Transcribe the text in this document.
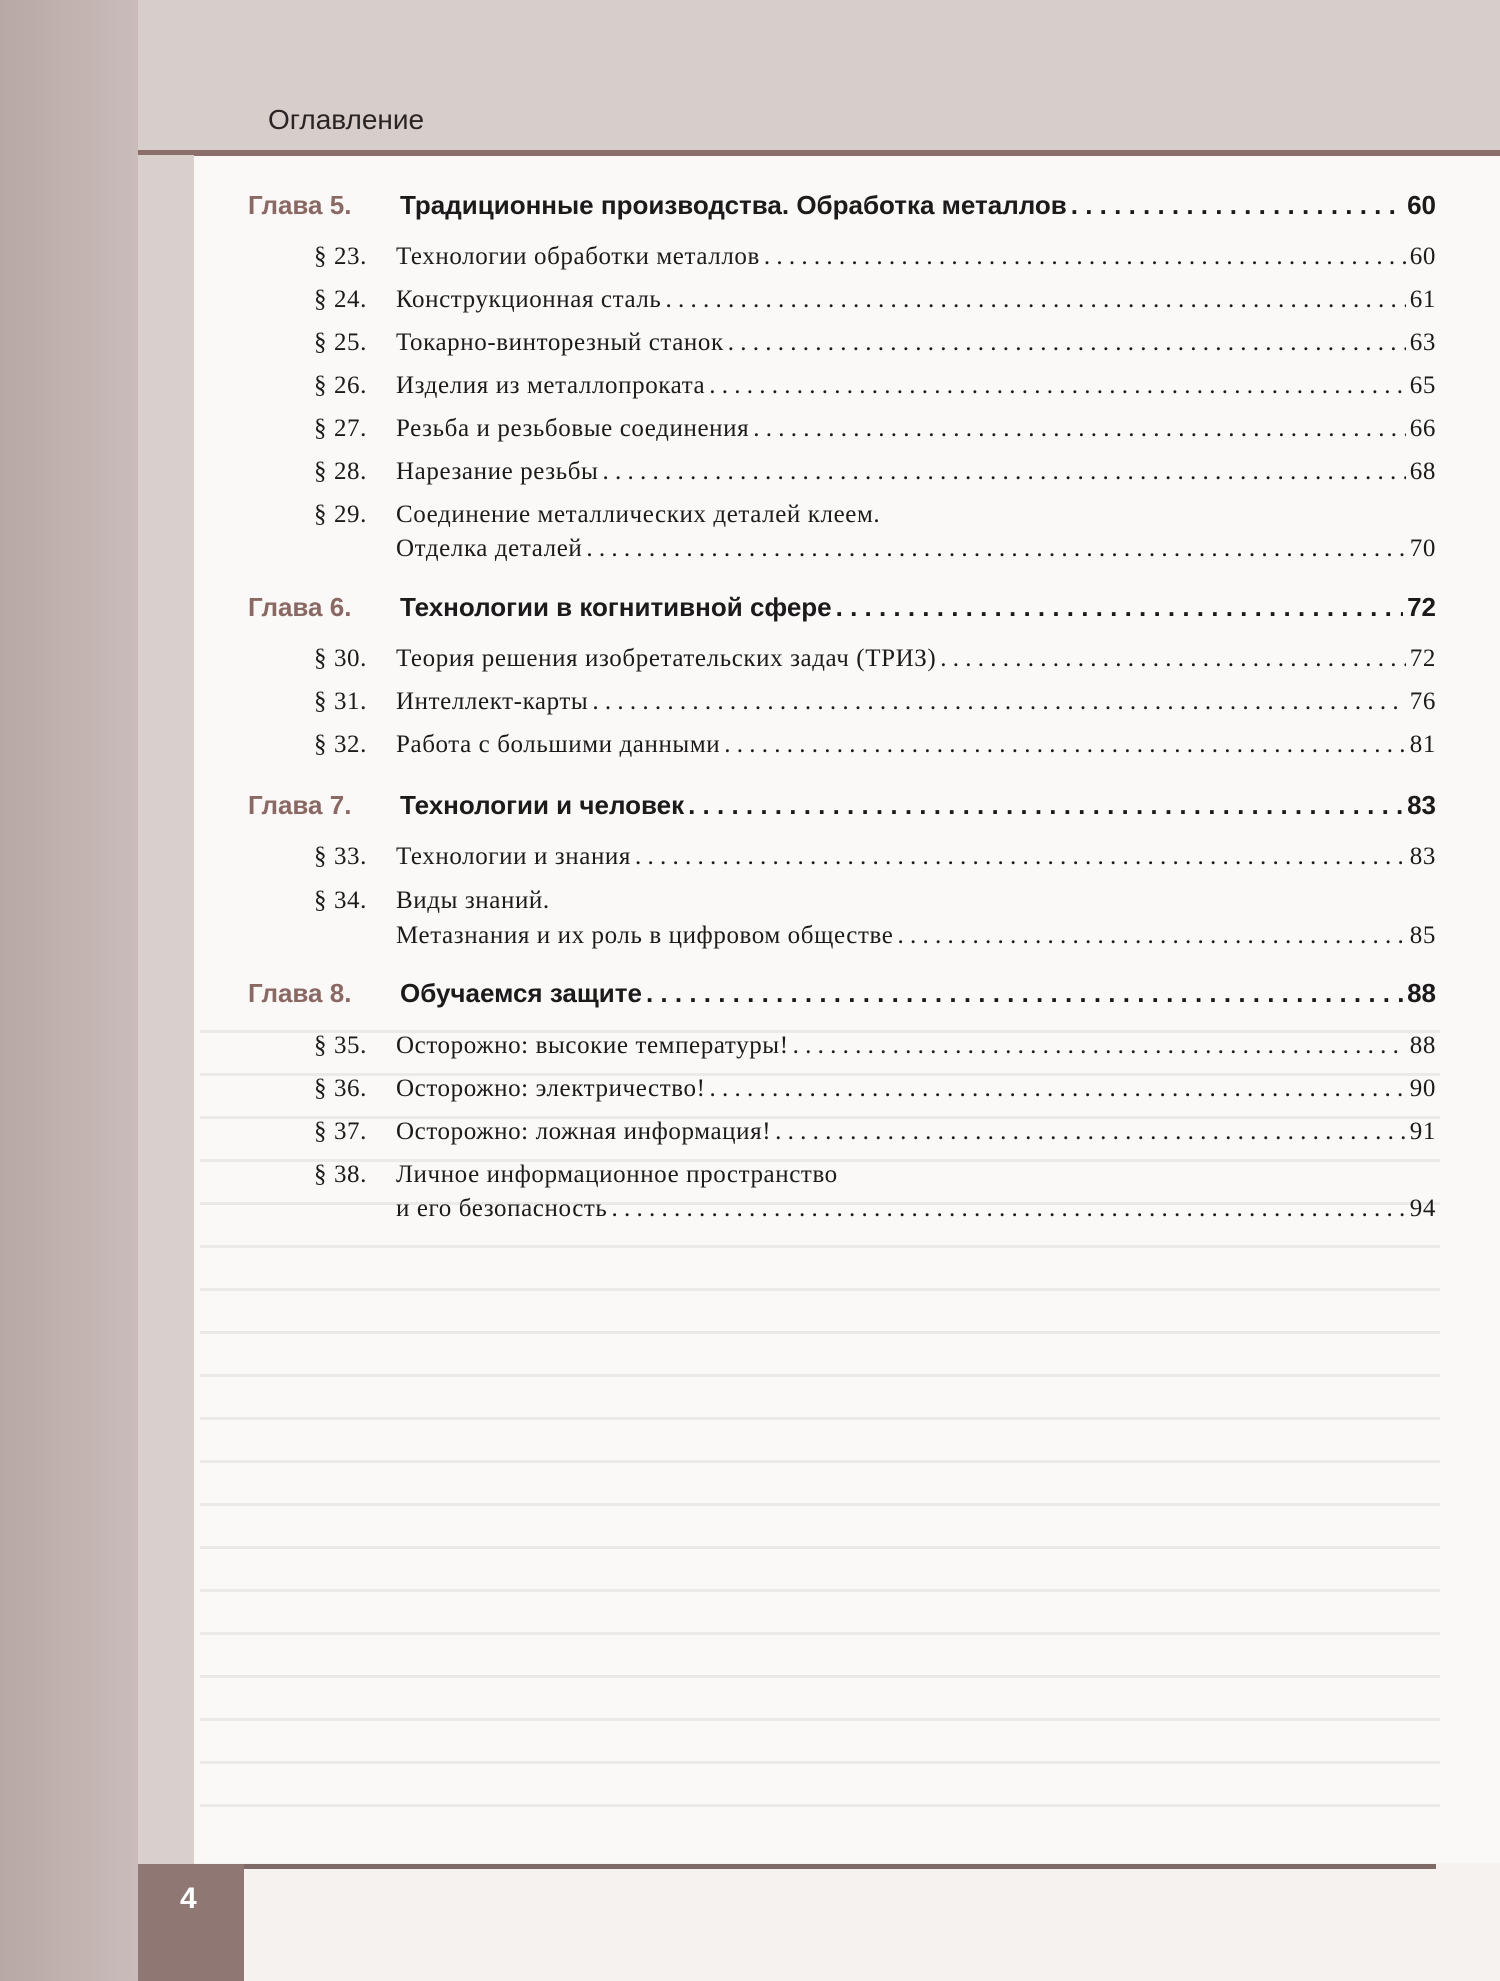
Оглавление
Глава 5.	Традиционные производства. Обработка металлов . . .	60
§ 23.	Технологии обработки металлов . . .	60
§ 24.	Конструкционная сталь . . .	61
§ 25.	Токарно-винторезный станок . . .	63
§ 26.	Изделия из металлопроката . . .	65
§ 27.	Резьба и резьбовые соединения . . .	66
§ 28.	Нарезание резьбы . . .	68
§ 29.	Соединение металлических деталей клеем.
Отделка деталей . . .	70
Глава 6.	Технологии в когнитивной сфере . . .	72
§ 30.	Теория решения изобретательских задач (ТРИЗ) . . .	72
§ 31.	Интеллект-карты . . .	76
§ 32.	Работа с большими данными . . .	81
Глава 7.	Технологии и человек . . .	83
§ 33.	Технологии и знания . . .	83
§ 34.	Виды знаний.
Метазнания и их роль в цифровом обществе . . .	85
Глава 8.	Обучаемся защите . . .	88
§ 35.	Осторожно: высокие температуры! . . .	88
§ 36.	Осторожно: электричество! . . .	90
§ 37.	Осторожно: ложная информация! . . .	91
§ 38.	Личное информационное пространство
и его безопасность . . .	94
4
